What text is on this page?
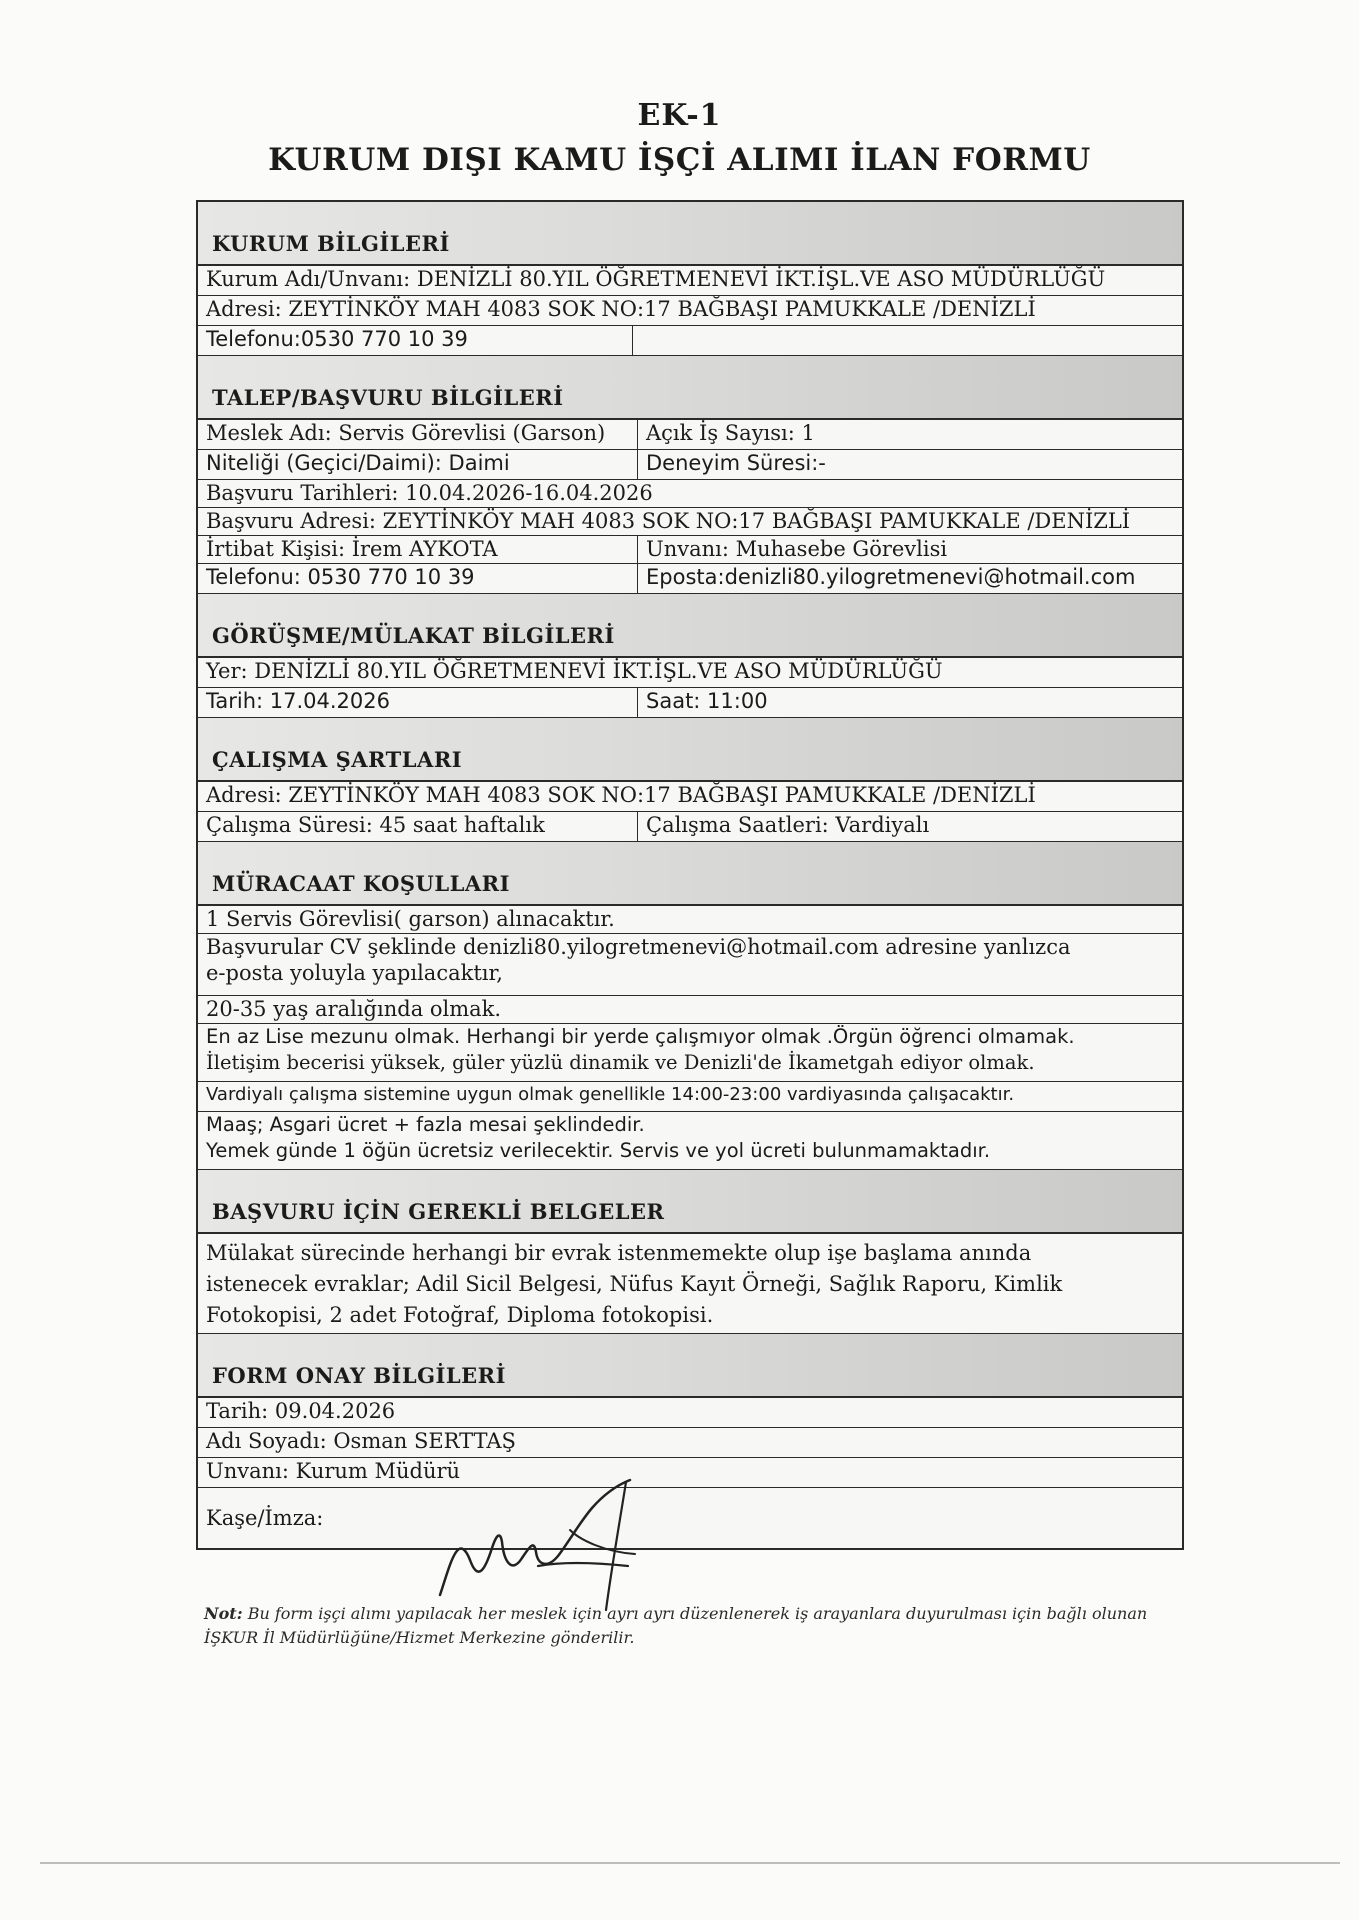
EK-1
KURUM DIŞI KAMU İŞÇİ ALIMI İLAN FORMU
KURUM BİLGİLERİ
Kurum Adı/Unvanı: DENİZLİ 80.YIL ÖĞRETMENEVİ İKT.İŞL.VE ASO MÜDÜRLÜĞÜ
Adresi: ZEYTİNKÖY MAH 4083 SOK NO:17 BAĞBAŞI PAMUKKALE /DENİZLİ
Telefonu:0530 770 10 39
TALEP/BAŞVURU BİLGİLERİ
Meslek Adı: Servis Görevlisi (Garson)	Açık İş Sayısı: 1
Niteliği (Geçici/Daimi): Daimi	Deneyim Süresi:-
Başvuru Tarihleri: 10.04.2026-16.04.2026
Başvuru Adresi: ZEYTİNKÖY MAH 4083 SOK NO:17 BAĞBAŞI PAMUKKALE /DENİZLİ
İrtibat Kişisi: İrem AYKOTA	Unvanı: Muhasebe Görevlisi
Telefonu: 0530 770 10 39	Eposta:denizli80.yilogretmenevi@hotmail.com
GÖRÜŞME/MÜLAKAT BİLGİLERİ
Yer: DENİZLİ 80.YIL ÖĞRETMENEVİ İKT.İŞL.VE ASO MÜDÜRLÜĞÜ
Tarih: 17.04.2026	Saat: 11:00
ÇALIŞMA ŞARTLARI
Adresi: ZEYTİNKÖY MAH 4083 SOK NO:17 BAĞBAŞI PAMUKKALE /DENİZLİ
Çalışma Süresi: 45 saat haftalık	Çalışma Saatleri: Vardiyalı
MÜRACAAT KOŞULLARI
1 Servis Görevlisi( garson) alınacaktır.
Başvurular CV şeklinde denizli80.yilogretmenevi@hotmail.com adresine yanlızca
e-posta yoluyla yapılacaktır,
20-35 yaş aralığında olmak.
En az Lise mezunu olmak. Herhangi bir yerde çalışmıyor olmak .Örgün öğrenci olmamak.
İletişim becerisi yüksek, güler yüzlü dinamik ve Denizli'de İkametgah ediyor olmak.
Vardiyalı çalışma sistemine uygun olmak genellikle 14:00-23:00 vardiyasında çalışacaktır.
Maaş; Asgari ücret + fazla mesai şeklindedir.
Yemek günde 1 öğün ücretsiz verilecektir. Servis ve yol ücreti bulunmamaktadır.
BAŞVURU İÇİN GEREKLİ BELGELER
Mülakat sürecinde herhangi bir evrak istenmemekte olup işe başlama anında istenecek evraklar; Adil Sicil Belgesi, Nüfus Kayıt Örneği, Sağlık Raporu, Kimlik Fotokopisi, 2 adet Fotoğraf, Diploma fotokopisi.
FORM ONAY BİLGİLERİ
Tarih: 09.04.2026
Adı Soyadı: Osman SERTTAŞ
Unvanı: Kurum Müdürü
Kaşe/İmza:
Not: Bu form işçi alımı yapılacak her meslek için ayrı ayrı düzenlenerek iş arayanlara duyurulması için bağlı olunan İŞKUR İl Müdürlüğüne/Hizmet Merkezine gönderilir.
